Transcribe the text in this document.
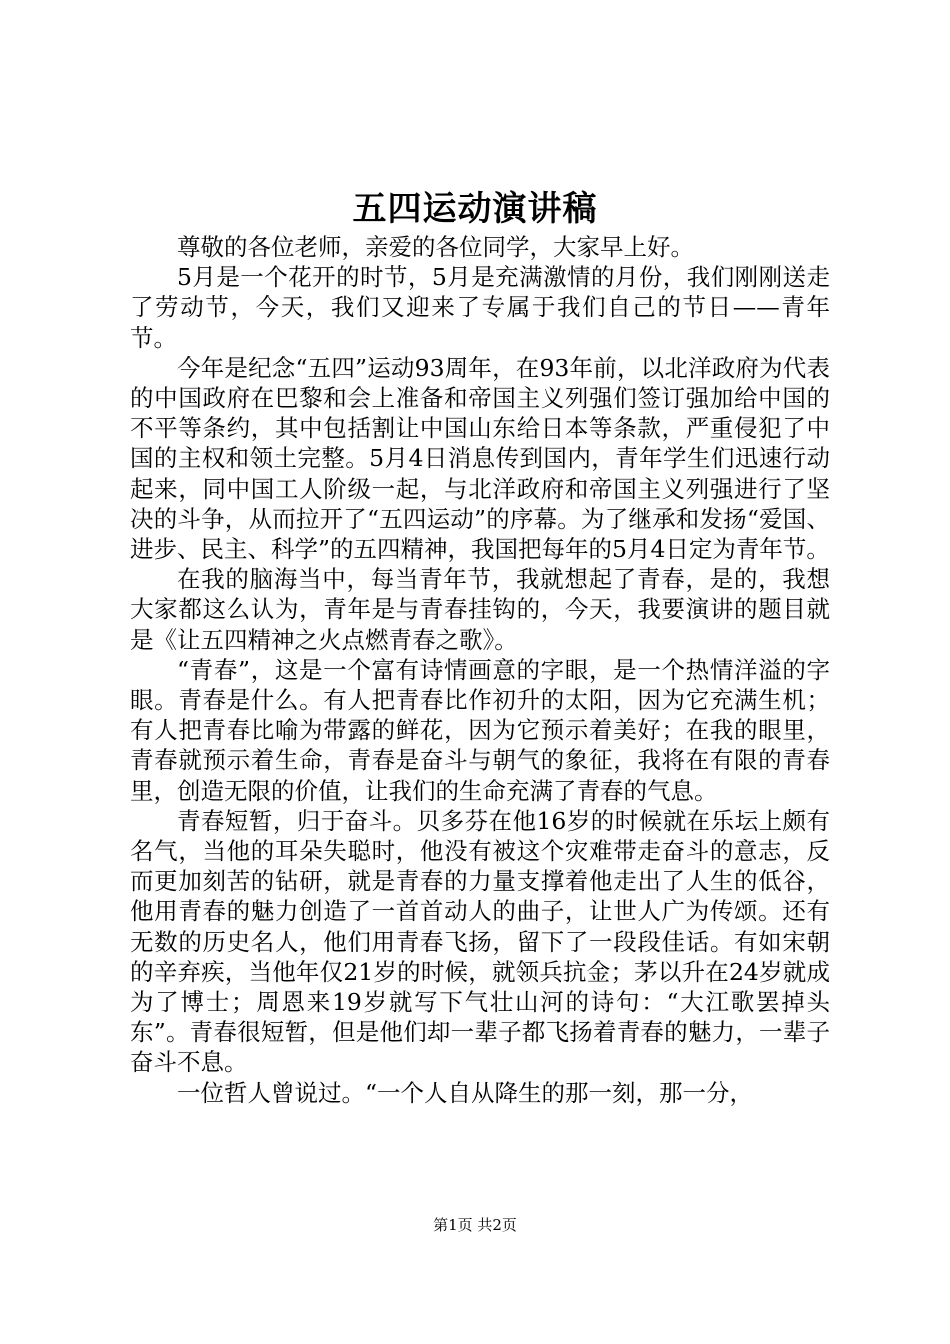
五四运动演讲稿

尊敬的各位老师，亲爱的各位同学，大家早上好。

5月是一个花开的时节，5月是充满激情的月份，我们刚刚送走了劳动节，今天，我们又迎来了专属于我们自己的节日——青年节。

今年是纪念“五四”运动93周年，在93年前，以北洋政府为代表的中国政府在巴黎和会上准备和帝国主义列强们签订强加给中国的不平等条约，其中包括割让中国山东给日本等条款，严重侵犯了中国的主权和领土完整。5月4日消息传到国内，青年学生们迅速行动起来，同中国工人阶级一起，与北洋政府和帝国主义列强进行了坚决的斗争，从而拉开了“五四运动”的序幕。为了继承和发扬“爱国、进步、民主、科学”的五四精神，我国把每年的5月4日定为青年节。

在我的脑海当中，每当青年节，我就想起了青春，是的，我想大家都这么认为，青年是与青春挂钩的，今天，我要演讲的题目就是《让五四精神之火点燃青春之歌》。

“青春”，这是一个富有诗情画意的字眼，是一个热情洋溢的字眼。青春是什么。有人把青春比作初升的太阳，因为它充满生机；有人把青春比喻为带露的鲜花，因为它预示着美好；在我的眼里，青春就预示着生命，青春是奋斗与朝气的象征，我将在有限的青春里，创造无限的价值，让我们的生命充满了青春的气息。

青春短暂，归于奋斗。贝多芬在他16岁的时候就在乐坛上颇有名气，当他的耳朵失聪时，他没有被这个灾难带走奋斗的意志，反而更加刻苦的钻研，就是青春的力量支撑着他走出了人生的低谷，他用青春的魅力创造了一首首动人的曲子，让世人广为传颂。还有无数的历史名人，他们用青春飞扬，留下了一段段佳话。有如宋朝的辛弃疾，当他年仅21岁的时候，就领兵抗金；茅以升在24岁就成为了博士；周恩来19岁就写下气壮山河的诗句：“大江歌罢掉头东”。青春很短暂，但是他们却一辈子都飞扬着青春的魅力，一辈子奋斗不息。

一位哲人曾说过。“一个人自从降生的那一刻，那一分，

第1页 共2页
